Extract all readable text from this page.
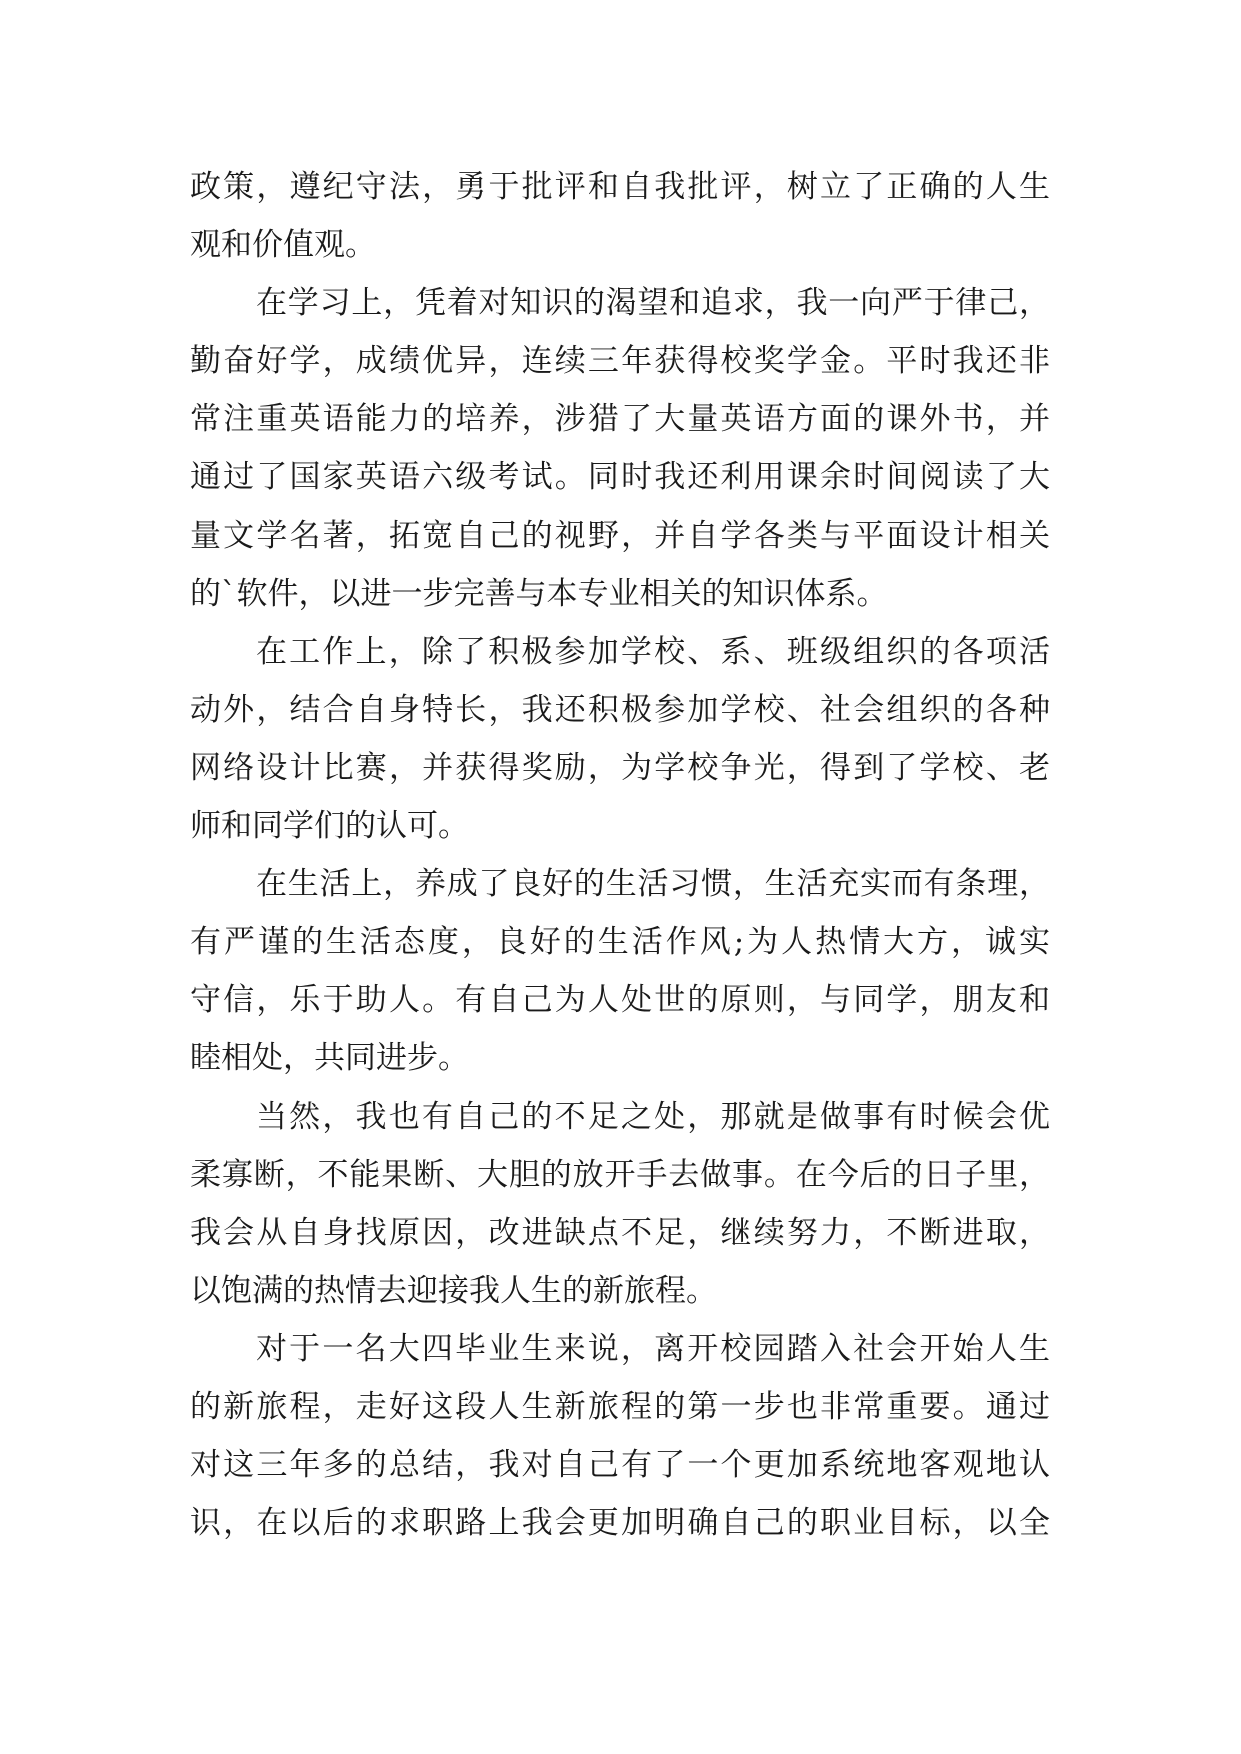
政策，遵纪守法，勇于批评和自我批评，树立了正确的人生
观和价值观。
在学习上，凭着对知识的渴望和追求，我一向严于律己，
勤奋好学，成绩优异，连续三年获得校奖学金。平时我还非
常注重英语能力的培养，涉猎了大量英语方面的课外书，并
通过了国家英语六级考试。同时我还利用课余时间阅读了大
量文学名著，拓宽自己的视野，并自学各类与平面设计相关
的`软件，以进一步完善与本专业相关的知识体系。
在工作上，除了积极参加学校、系、班级组织的各项活
动外，结合自身特长，我还积极参加学校、社会组织的各种
网络设计比赛，并获得奖励，为学校争光，得到了学校、老
师和同学们的认可。
在生活上，养成了良好的生活习惯，生活充实而有条理，
有严谨的生活态度，良好的生活作风;为人热情大方，诚实
守信，乐于助人。有自己为人处世的原则，与同学，朋友和
睦相处，共同进步。
当然，我也有自己的不足之处，那就是做事有时候会优
柔寡断，不能果断、大胆的放开手去做事。在今后的日子里，
我会从自身找原因，改进缺点不足，继续努力，不断进取，
以饱满的热情去迎接我人生的新旅程。
对于一名大四毕业生来说，离开校园踏入社会开始人生
的新旅程，走好这段人生新旅程的第一步也非常重要。通过
对这三年多的总结，我对自己有了一个更加系统地客观地认
识，在以后的求职路上我会更加明确自己的职业目标，以全
